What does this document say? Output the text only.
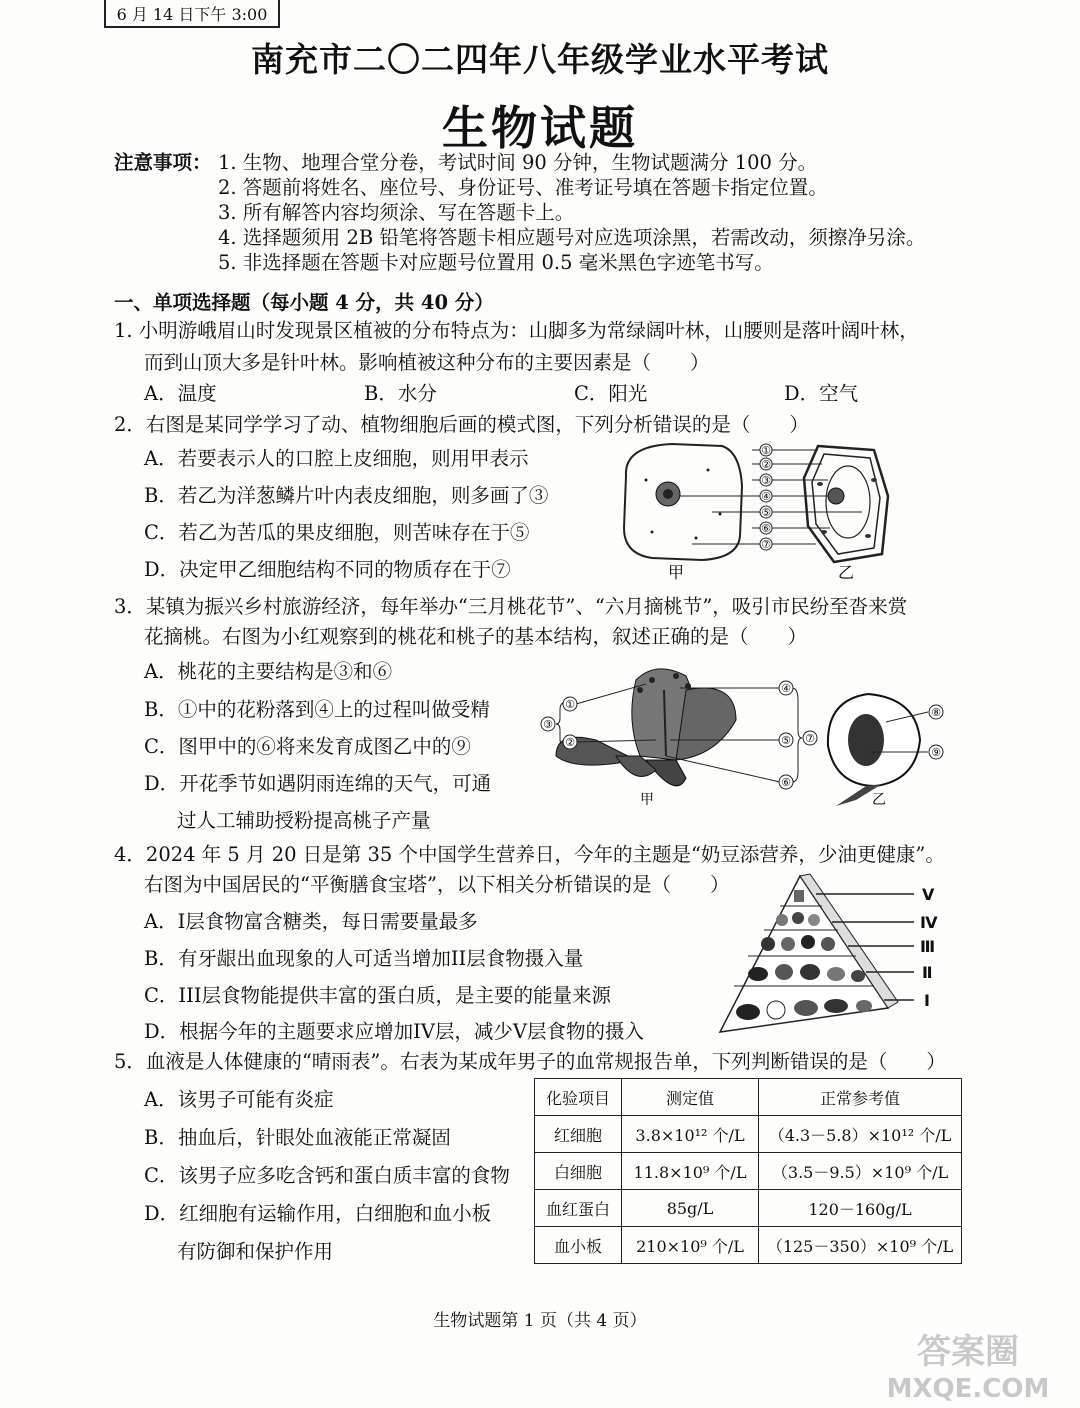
6 月 14 日下午 3:00
南充市二〇二四年八年级学业水平考试
生物试题
注意事项： 1. 生物、地理合堂分卷，考试时间 90 分钟，生物试题满分 100 分。
2. 答题前将姓名、座位号、身份证号、准考证号填在答题卡指定位置。
3. 所有解答内容均须涂、写在答题卡上。
4. 选择题须用 2B 铅笔将答题卡相应题号对应选项涂黑，若需改动，须擦净另涂。
5. 非选择题在答题卡对应题号位置用 0.5 毫米黑色字迹笔书写。
一、单项选择题（每小题 4 分，共 40 分）
1. 小明游峨眉山时发现景区植被的分布特点为：山脚多为常绿阔叶林，山腰则是落叶阔叶林，
而到山顶大多是针叶林。影响植被这种分布的主要因素是（　　）
A．温度	B．水分	C．阳光	D．空气
2．右图是某同学学习了动、植物细胞后画的模式图，下列分析错误的是（　　）
A．若要表示人的口腔上皮细胞，则用甲表示
B．若乙为洋葱鳞片叶内表皮细胞，则多画了③
C．若乙为苦瓜的果皮细胞，则苦味存在于⑤
D．决定甲乙细胞结构不同的物质存在于⑦
①
②
③
④
⑤
⑥
⑦
甲	乙
3．某镇为振兴乡村旅游经济，每年举办“三月桃花节”、“六月摘桃节”，吸引市民纷至沓来赏
花摘桃。右图为小红观察到的桃花和桃子的基本结构，叙述正确的是（　　）
A．桃花的主要结构是③和⑥
B．①中的花粉落到④上的过程叫做受精
C．图甲中的⑥将来发育成图乙中的⑨
D．开花季节如遇阴雨连绵的天气，可通
过人工辅助授粉提高桃子产量
①
②
③
④
⑤
⑥
⑦
⑧
⑨
甲	乙
4．2024 年 5 月 20 日是第 35 个中国学生营养日，今年的主题是“奶豆添营养，少油更健康”。
右图为中国居民的“平衡膳食宝塔”，以下相关分析错误的是（　　）
A．I层食物富含糖类，每日需要量最多
B．有牙龈出血现象的人可适当增加II层食物摄入量
C．III层食物能提供丰富的蛋白质，是主要的能量来源
D．根据今年的主题要求应增加IV层，减少V层食物的摄入
V
Ⅳ
Ⅲ
Ⅱ
I
5．血液是人体健康的“晴雨表”。右表为某成年男子的血常规报告单，下列判断错误的是（　　）
A．该男子可能有炎症
B．抽血后，针眼处血液能正常凝固
C．该男子应多吃含钙和蛋白质丰富的食物
D．红细胞有运输作用，白细胞和血小板
有防御和保护作用
化验项目	测定值	正常参考值
红细胞	3.8×10¹² 个/L	（4.3－5.8）×10¹² 个/L
白细胞	11.8×10⁹ 个/L	（3.5－9.5）×10⁹ 个/L
血红蛋白	85g/L	120－160g/L
血小板	210×10⁹ 个/L	（125－350）×10⁹ 个/L
生物试题第 1 页（共 4 页）
答案圈
MXQE.COM
